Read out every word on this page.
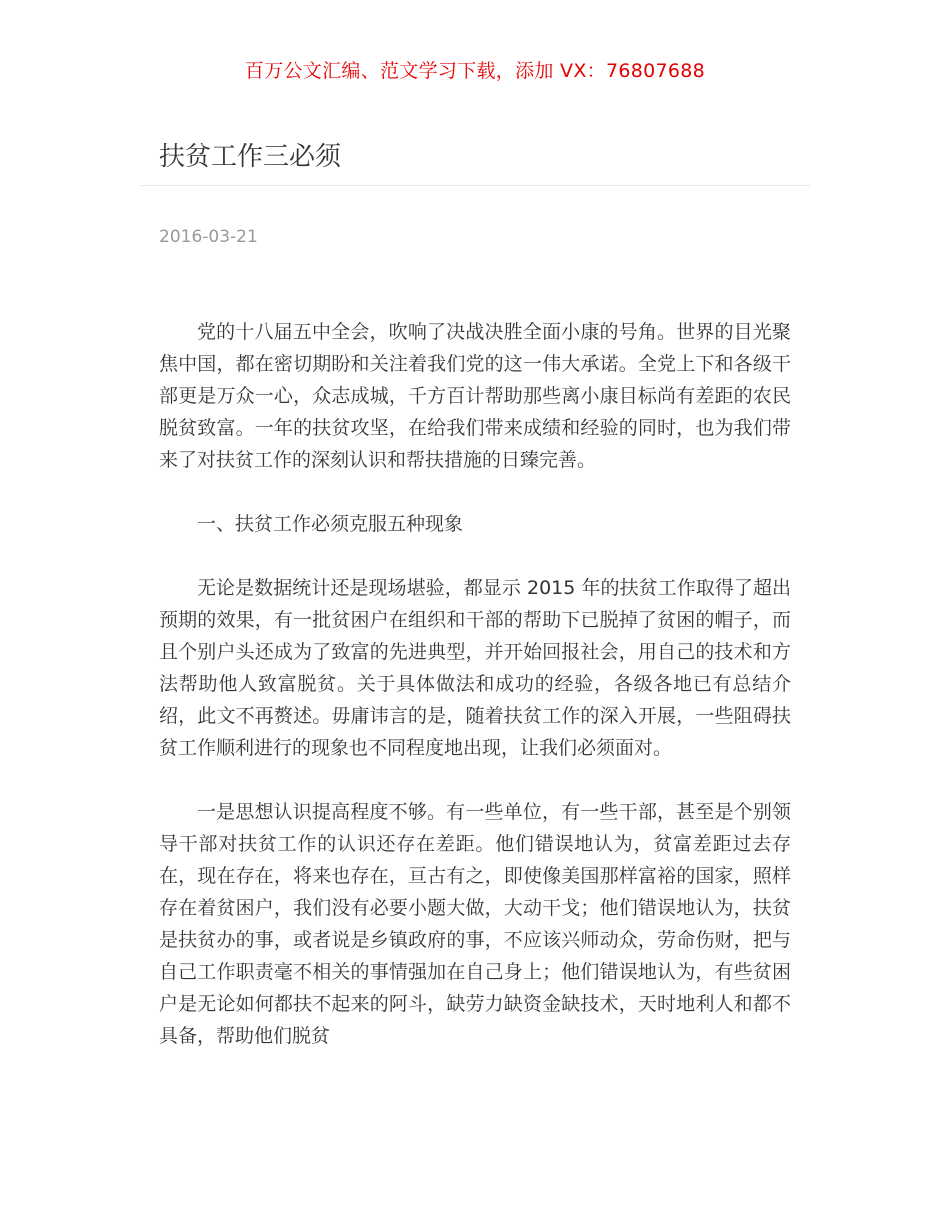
百万公文汇编、范文学习下载，添加 VX：76807688
扶贫工作三必须
2016-03-21

党的十八届五中全会，吹响了决战决胜全面小康的号角。世界的目光聚焦中国，都在密切期盼和关注着我们党的这一伟大承诺。全党上下和各级干部更是万众一心，众志成城，千方百计帮助那些离小康目标尚有差距的农民脱贫致富。一年的扶贫攻坚，在给我们带来成绩和经验的同时，也为我们带来了对扶贫工作的深刻认识和帮扶措施的日臻完善。

一、扶贫工作必须克服五种现象

无论是数据统计还是现场堪验，都显示 2015 年的扶贫工作取得了超出预期的效果，有一批贫困户在组织和干部的帮助下已脱掉了贫困的帽子，而且个别户头还成为了致富的先进典型，并开始回报社会，用自己的技术和方法帮助他人致富脱贫。关于具体做法和成功的经验，各级各地已有总结介绍，此文不再赘述。毋庸讳言的是，随着扶贫工作的深入开展，一些阻碍扶贫工作顺利进行的现象也不同程度地出现，让我们必须面对。

一是思想认识提高程度不够。有一些单位，有一些干部，甚至是个别领导干部对扶贫工作的认识还存在差距。他们错误地认为，贫富差距过去存在，现在存在，将来也存在，亘古有之，即使像美国那样富裕的国家，照样存在着贫困户，我们没有必要小题大做，大动干戈；他们错误地认为，扶贫是扶贫办的事，或者说是乡镇政府的事，不应该兴师动众，劳命伤财，把与自己工作职责毫不相关的事情强加在自己身上；他们错误地认为，有些贫困户是无论如何都扶不起来的阿斗，缺劳力缺资金缺技术，天时地利人和都不具备，帮助他们脱贫
